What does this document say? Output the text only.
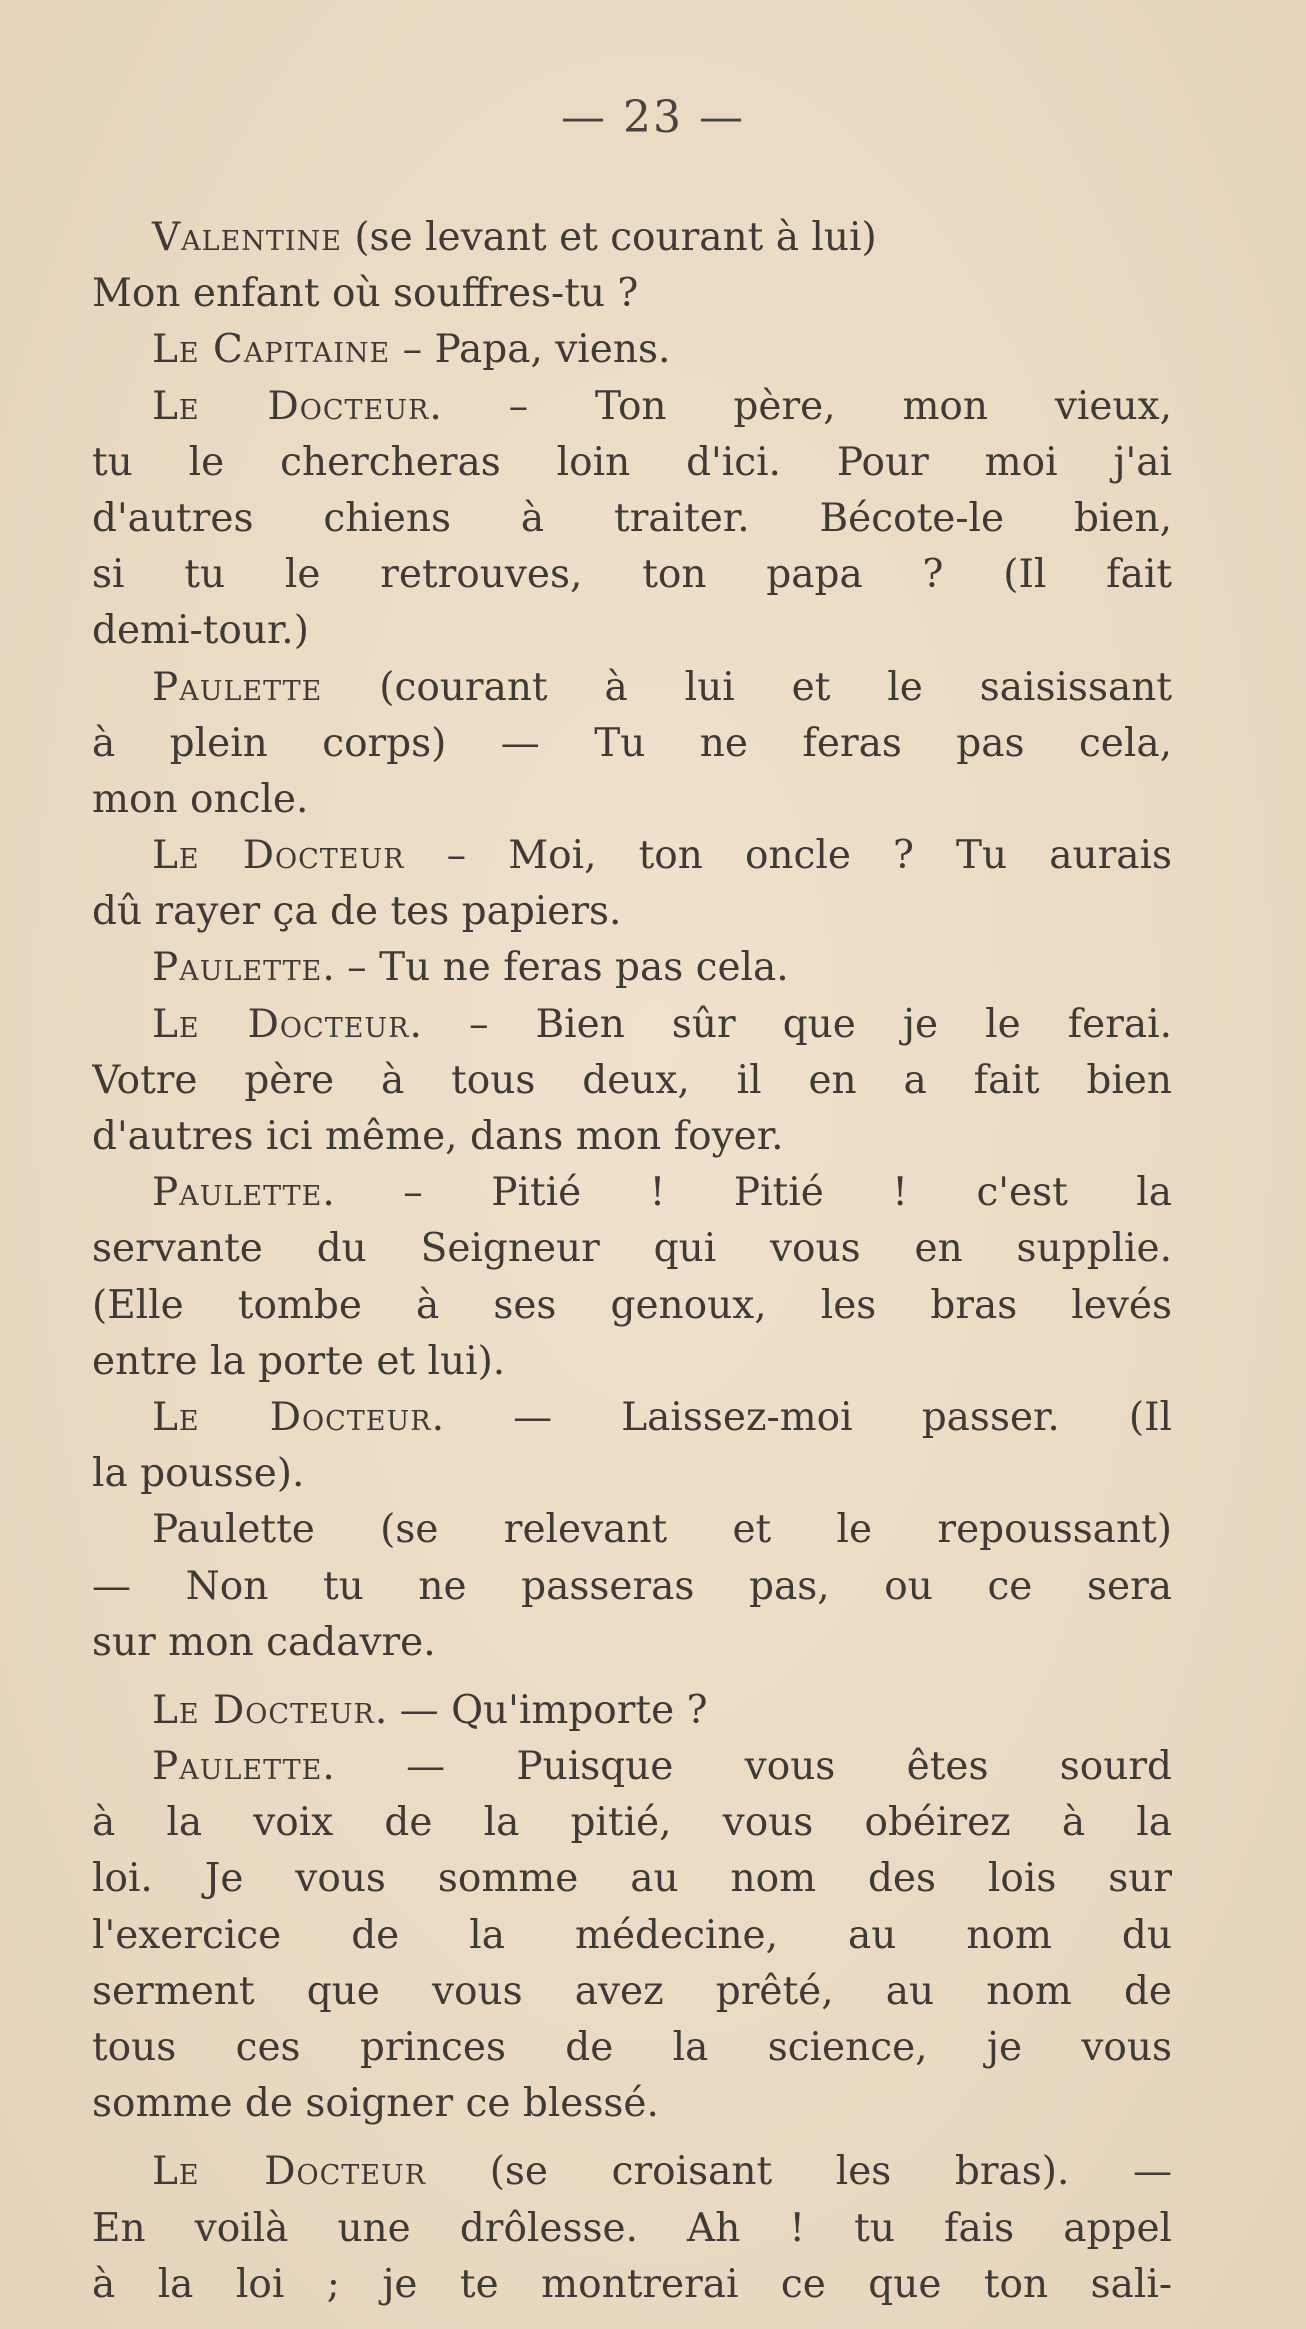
— 23 —
Valentine (se levant et courant à lui)
Mon enfant où souffres-tu ?
Le Capitaine – Papa, viens.
Le Docteur. – Ton père, mon vieux,
tu le chercheras loin d'ici. Pour moi j'ai
d'autres chiens à traiter. Bécote-le bien,
si tu le retrouves, ton papa ? (Il fait
demi-tour.)
Paulette (courant à lui et le saisissant
à plein corps) — Tu ne feras pas cela,
mon oncle.
Le Docteur – Moi, ton oncle ? Tu aurais
dû rayer ça de tes papiers.
Paulette. – Tu ne feras pas cela.
Le Docteur. – Bien sûr que je le ferai.
Votre père à tous deux, il en a fait bien
d'autres ici même, dans mon foyer.
Paulette. – Pitié ! Pitié ! c'est la
servante du Seigneur qui vous en supplie.
(Elle tombe à ses genoux, les bras levés
entre la porte et lui).
Le Docteur. — Laissez-moi passer. (Il
la pousse).
Paulette (se relevant et le repoussant)
— Non tu ne passeras pas, ou ce sera
sur mon cadavre.
Le Docteur. — Qu'importe ?
Paulette. — Puisque vous êtes sourd
à la voix de la pitié, vous obéirez à la
loi. Je vous somme au nom des lois sur
l'exercice de la médecine, au nom du
serment que vous avez prêté, au nom de
tous ces princes de la science, je vous
somme de soigner ce blessé.
Le Docteur (se croisant les bras). —
En voilà une drôlesse. Ah ! tu fais appel
à la loi ; je te montrerai ce que ton sali-
